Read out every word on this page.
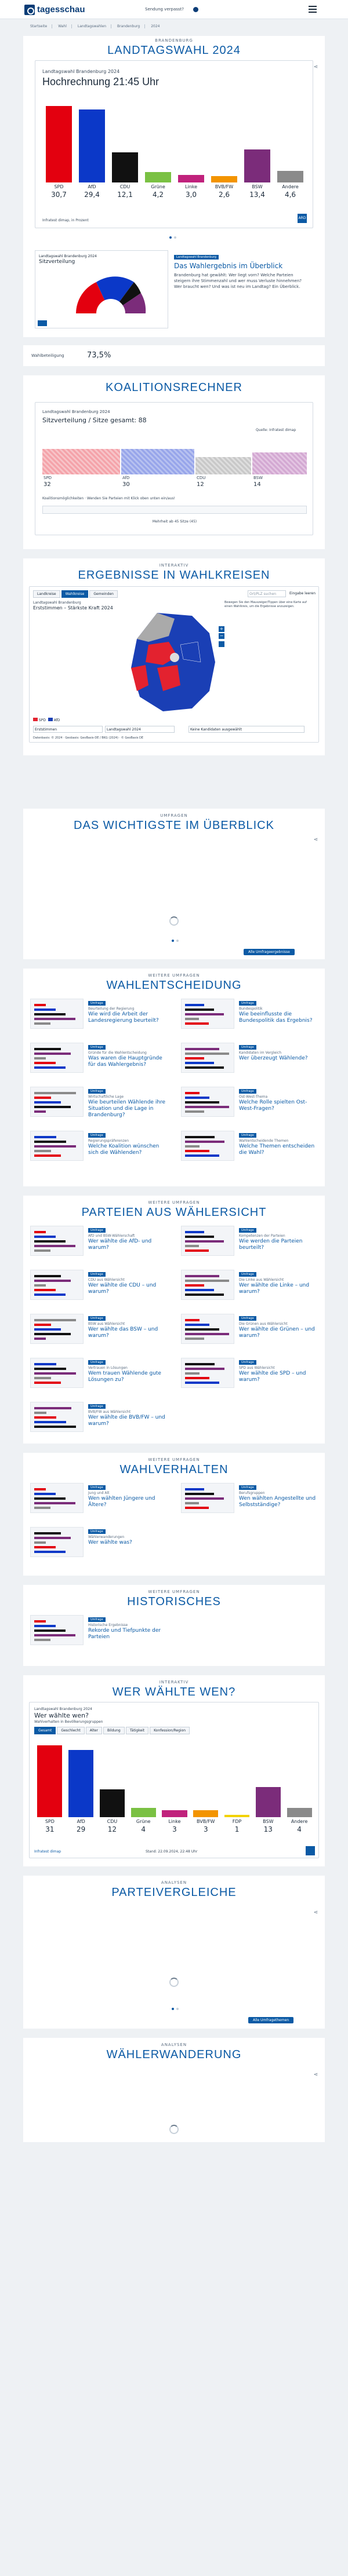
tagesschau	Sendung verpasst?
Startseite	Wahl	Landtagswahlen	Brandenburg	2024
BRANDENBURG
LANDTAGSWAHL 2024
Landtagswahl Brandenburg 2024
Hochrechnung 21:45 Uhr
SPD
30,7
AfD
29,4
CDU
12,1
Grüne
4,2
Linke
3,0
BVB/FW
2,6
BSW
13,4
Andere
4,6
Infratest dimap, in Prozent
ARD
⋖
Landtagswahl Brandenburg 2024
Sitzverteilung
Landtagswahl Brandenburg
Das Wahlergebnis im Überblick
Brandenburg hat gewählt: Wer liegt vorn? Welche Parteien steigern ihre Stimmenzahl und wer muss Verluste hinnehmen? Wer braucht wen? Und was ist neu im Landtag? Ein Überblick.
Wahlbeteiligung	73,5%
KOALITIONSRECHNER
Landtagswahl Brandenburg 2024
Sitzverteilung / Sitze gesamt: 88
Quelle: Infratest dimap
SPD	AfD	CDU	BSW
32	30	12	14
Koalitionsmöglichkeiten · Wenden Sie Parteien mit Klick oben unten ein/aus!
Mehrheit ab 45 Sitze (45)
INTERAKTIV
ERGEBNISSE IN WAHLKREISEN
Landkreise	Wahlkreise	Gemeinden	Ort/PLZ suchen	Eingabe leeren
Landtagswahl Brandenburg
Erststimmen – Stärkste Kraft 2024
Bewegen Sie den Mauszeiger/Tippen über eine Karte auf einen Wahlkreis, um die Ergebnisse anzuzeigen.
+
−
SPD AfD
Erststimmen	Landtagswahl 2024	Keine Kandidaten ausgewählt
Datenbasis: © 2024 · Geobasis: GeoBasis-DE / BKG (2024) · © GeoBasis DE
UMFRAGEN
DAS WICHTIGSTE IM ÜBERBLICK
⋖
Alle Umfrageergebnisse
WEITERE UMFRAGEN
WAHLENTSCHEIDUNG
Umfrage
Beurteilung der Regierung
Wie wird die Arbeit der Landesregierung beurteilt?
Umfrage
Bundespolitik
Wie beeinflusste die Bundespolitik das Ergebnis?
Umfrage
Gründe für die Wahlentscheidung
Was waren die Hauptgründe für das Wahlergebnis?
Umfrage
Kandidaten im Vergleich
Wer überzeugt Wählende?
Umfrage
Wirtschaftliche Lage
Wie beurteilen Wählende ihre Situation und die Lage in Brandenburg?
Umfrage
Ost-West-Thema
Welche Rolle spielten Ost-West-Fragen?
Umfrage
Regierungspräferenzen
Welche Koalition wünschen sich die Wählenden?
Umfrage
Wahlentscheidende Themen
Welche Themen entscheiden die Wahl?
WEITERE UMFRAGEN
PARTEIEN AUS WÄHLERSICHT
Umfrage
AfD und BSW-Wählerschaft
Wer wählte die AfD- und warum?
Umfrage
Kompetenzen der Parteien
Wie werden die Parteien beurteilt?
Umfrage
CDU aus Wählersicht
Wer wählte die CDU – und warum?
Umfrage
Die Linke aus Wählersicht
Wer wählte die Linke – und warum?
Umfrage
BSW aus Wählersicht
Wer wählte das BSW – und warum?
Umfrage
Die Grünen aus Wählersicht
Wer wählte die Grünen – und warum?
Umfrage
Vertrauen in Lösungen
Wem trauen Wählende gute Lösungen zu?
Umfrage
SPD aus Wählersicht
Wer wählte die SPD – und warum?
Umfrage
BVB/FW aus Wählersicht
Wer wählte die BVB/FW – und warum?
WEITERE UMFRAGEN
WAHLVERHALTEN
Umfrage
Jung und Alt
Wen wählten Jüngere und Ältere?
Umfrage
Berufsgruppen
Wen wählten Angestellte und Selbstständige?
Umfrage
Wählerwanderungen
Wer wählte was?
WEITERE UMFRAGEN
HISTORISCHES
Umfrage
Historische Ergebnisse
Rekorde und Tiefpunkte der Parteien
INTERAKTIV
WER WÄHLTE WEN?
Landtagswahl Brandenburg 2024
Wer wählte wen?
Wahlverhalten in Bevölkerungsgruppen
Gesamt	Geschlecht	Alter	Bildung	Tätigkeit	Konfession/Region
SPD
31
AfD
29
CDU
12
Grüne
4
Linke
3
BVB/FW
3
FDP
1
BSW
13
Andere
4
Infratest dimap	Stand: 22.09.2024, 22:48 Uhr
ANALYSEN
PARTEIVERGLEICHE
⋖
Alle Umfragethemen
ANALYSEN
WÄHLERWANDERUNG
⋖
